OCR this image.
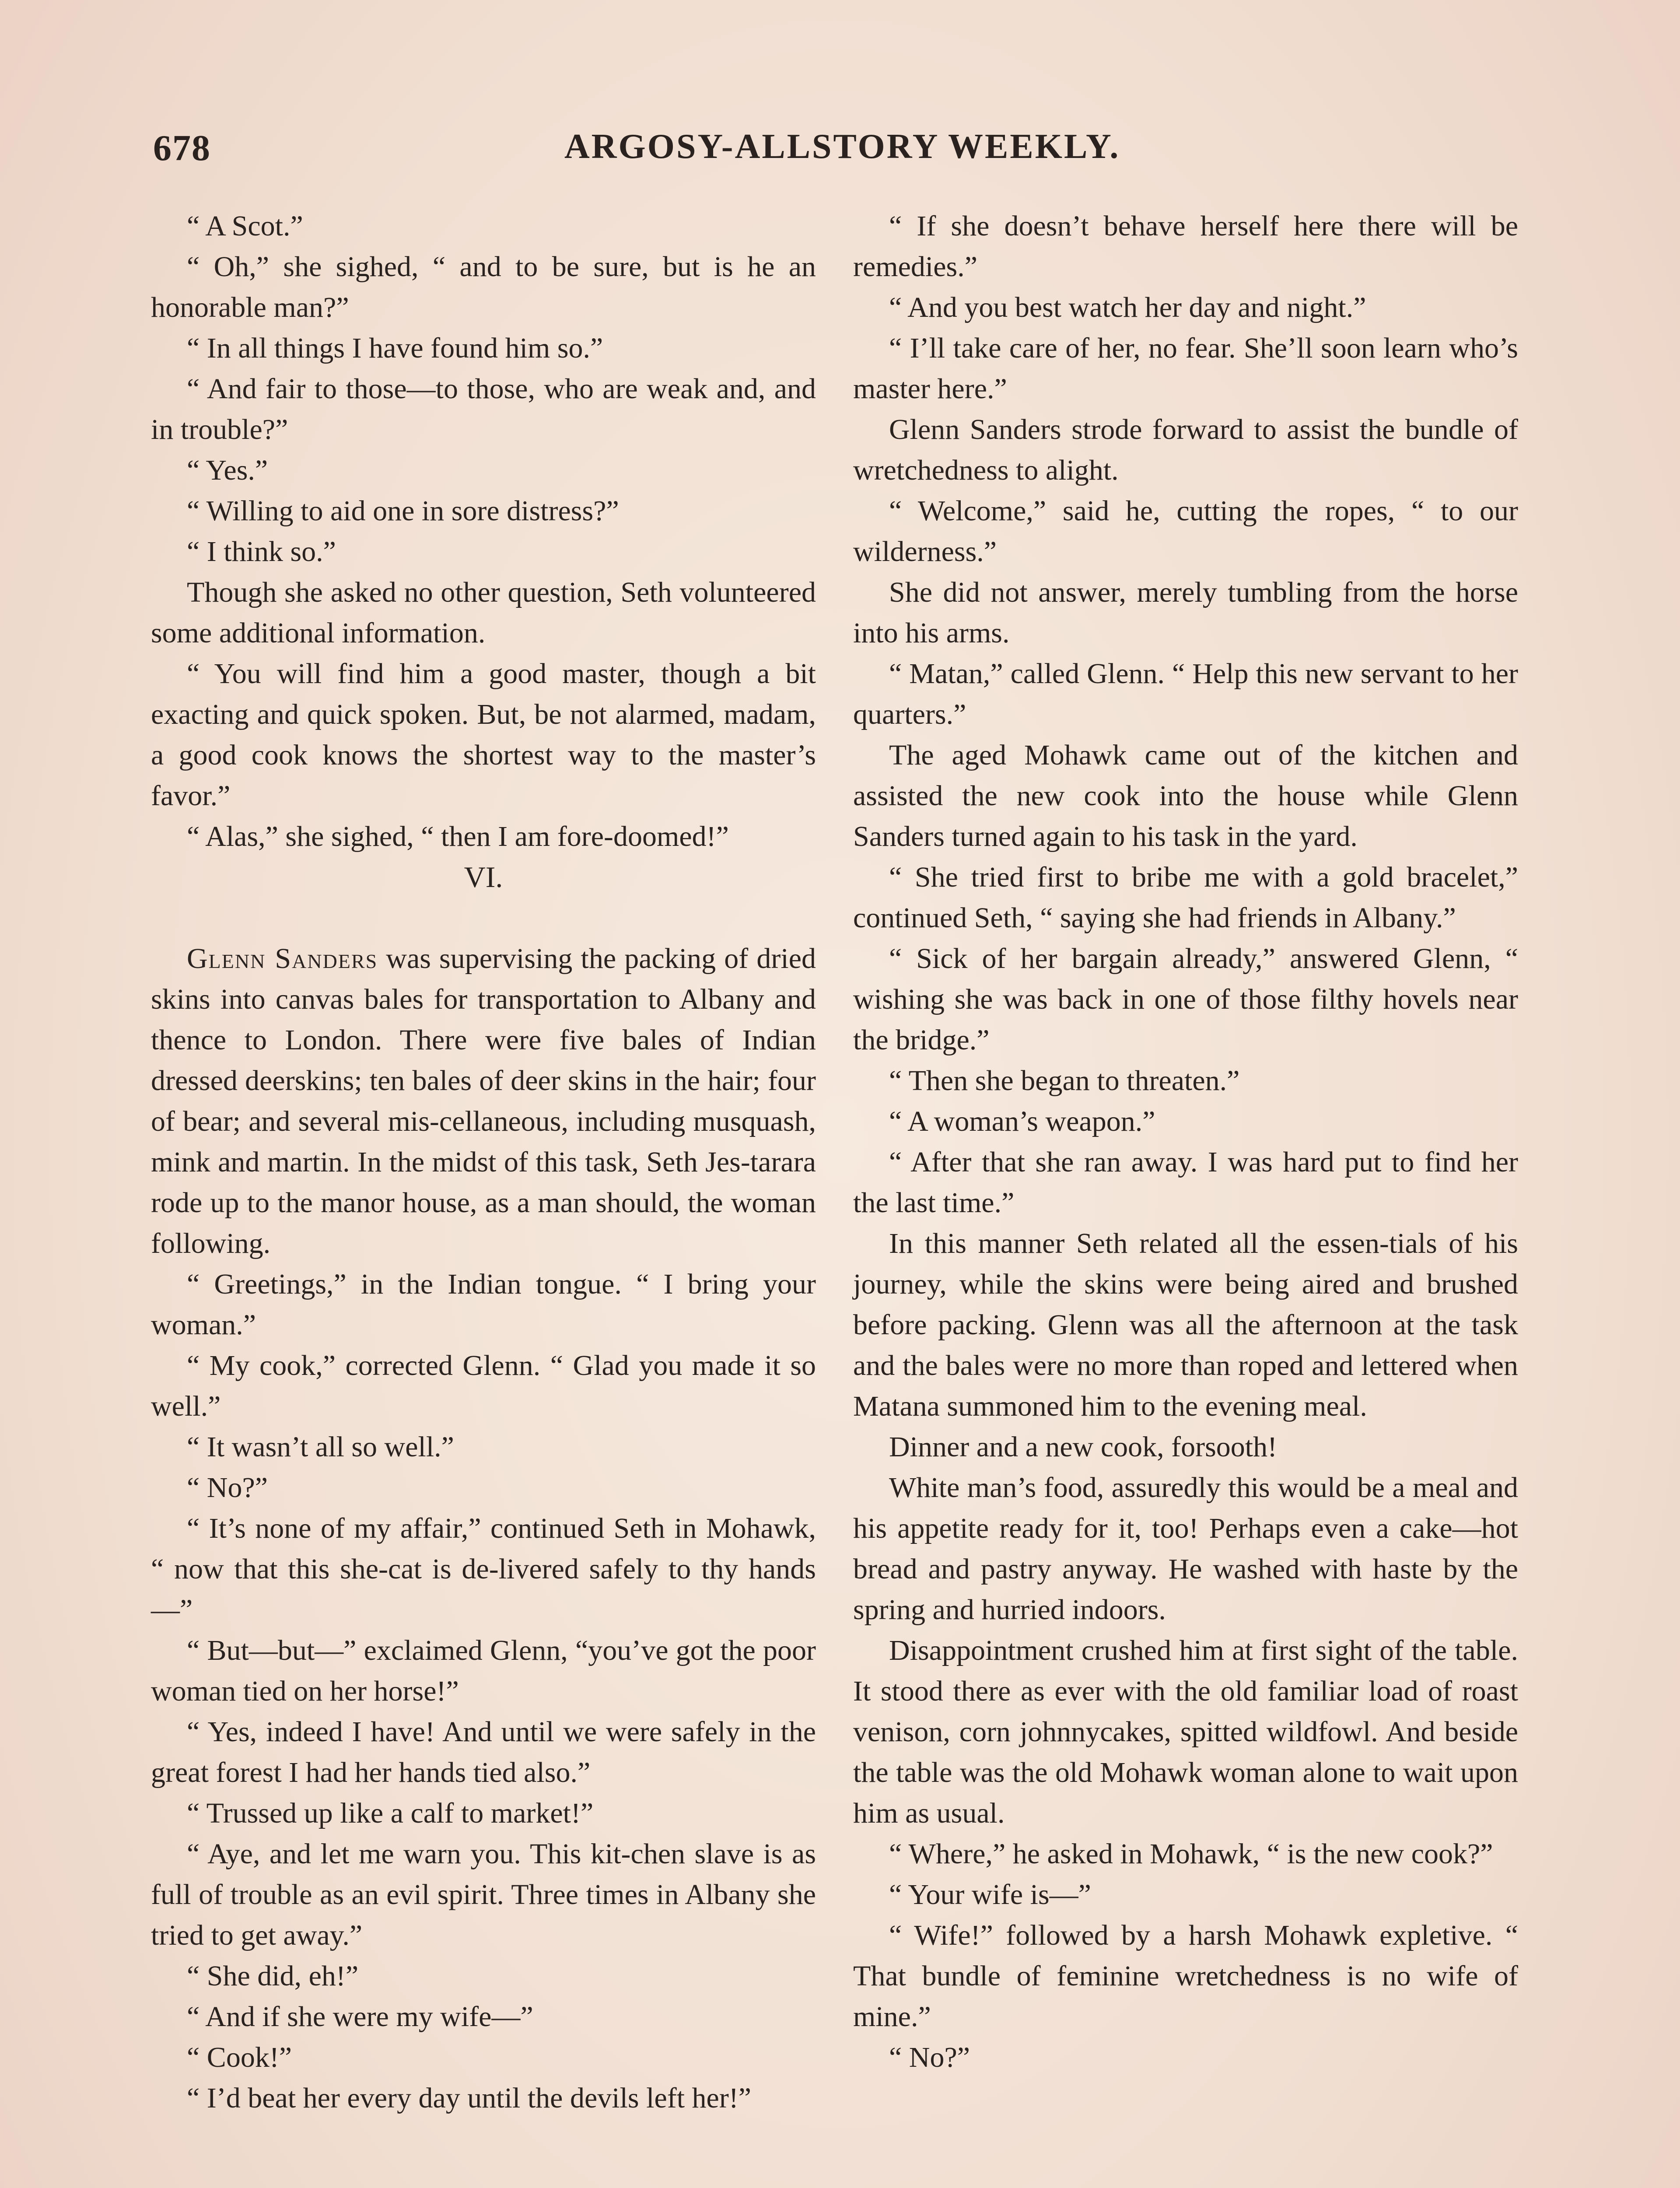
678	ARGOSY-ALLSTORY WEEKLY.

“ A Scot.”

“ Oh,” she sighed, “ and to be sure, but is he an honorable man?”

“ In all things I have found him so.”

“ And fair to those—to those, who are weak and, and in trouble?”

“ Yes.”

“ Willing to aid one in sore distress?”

“ I think so.”

Though she asked no other question, Seth volunteered some additional information.

“ You will find him a good master, though a bit exacting and quick spoken. But, be not alarmed, madam, a good cook knows the shortest way to the master’s favor.”

“ Alas,” she sighed, “ then I am fore-doomed!”

VI.

Glenn Sanders was supervising the packing of dried skins into canvas bales for transportation to Albany and thence to London. There were five bales of Indian dressed deerskins; ten bales of deer skins in the hair; four of bear; and several mis-cellaneous, including musquash, mink and martin. In the midst of this task, Seth Jes-tarara rode up to the manor house, as a man should, the woman following.

“ Greetings,” in the Indian tongue. “ I bring your woman.”

“ My cook,” corrected Glenn. “ Glad you made it so well.”

“ It wasn’t all so well.”

“ No?”

“ It’s none of my affair,” continued Seth in Mohawk, “ now that this she-cat is de-livered safely to thy hands—”

“ But—but—” exclaimed Glenn, “you’ve got the poor woman tied on her horse!”

“ Yes, indeed I have! And until we were safely in the great forest I had her hands tied also.”

“ Trussed up like a calf to market!”

“ Aye, and let me warn you. This kit-chen slave is as full of trouble as an evil spirit. Three times in Albany she tried to get away.”

“ She did, eh!”

“ And if she were my wife—”

“ Cook!”

“ I’d beat her every day until the devils left her!”

“ If she doesn’t behave herself here there will be remedies.”

“ And you best watch her day and night.”

“ I’ll take care of her, no fear. She’ll soon learn who’s master here.”

Glenn Sanders strode forward to assist the bundle of wretchedness to alight.

“ Welcome,” said he, cutting the ropes, “ to our wilderness.”

She did not answer, merely tumbling from the horse into his arms.

“ Matan,” called Glenn. “ Help this new servant to her quarters.”

The aged Mohawk came out of the kitchen and assisted the new cook into the house while Glenn Sanders turned again to his task in the yard.

“ She tried first to bribe me with a gold bracelet,” continued Seth, “ saying she had friends in Albany.”

“ Sick of her bargain already,” answered Glenn, “ wishing she was back in one of those filthy hovels near the bridge.”

“ Then she began to threaten.”

“ A woman’s weapon.”

“ After that she ran away. I was hard put to find her the last time.”

In this manner Seth related all the essen-tials of his journey, while the skins were being aired and brushed before packing. Glenn was all the afternoon at the task and the bales were no more than roped and lettered when Matana summoned him to the evening meal.

Dinner and a new cook, forsooth!

White man’s food, assuredly this would be a meal and his appetite ready for it, too! Perhaps even a cake—hot bread and pastry anyway. He washed with haste by the spring and hurried indoors.

Disappointment crushed him at first sight of the table. It stood there as ever with the old familiar load of roast venison, corn johnnycakes, spitted wildfowl. And beside the table was the old Mohawk woman alone to wait upon him as usual.

“ Where,” he asked in Mohawk, “ is the new cook?”

“ Your wife is—”

“ Wife!” followed by a harsh Mohawk expletive. “ That bundle of feminine wretchedness is no wife of mine.”

“ No?”
